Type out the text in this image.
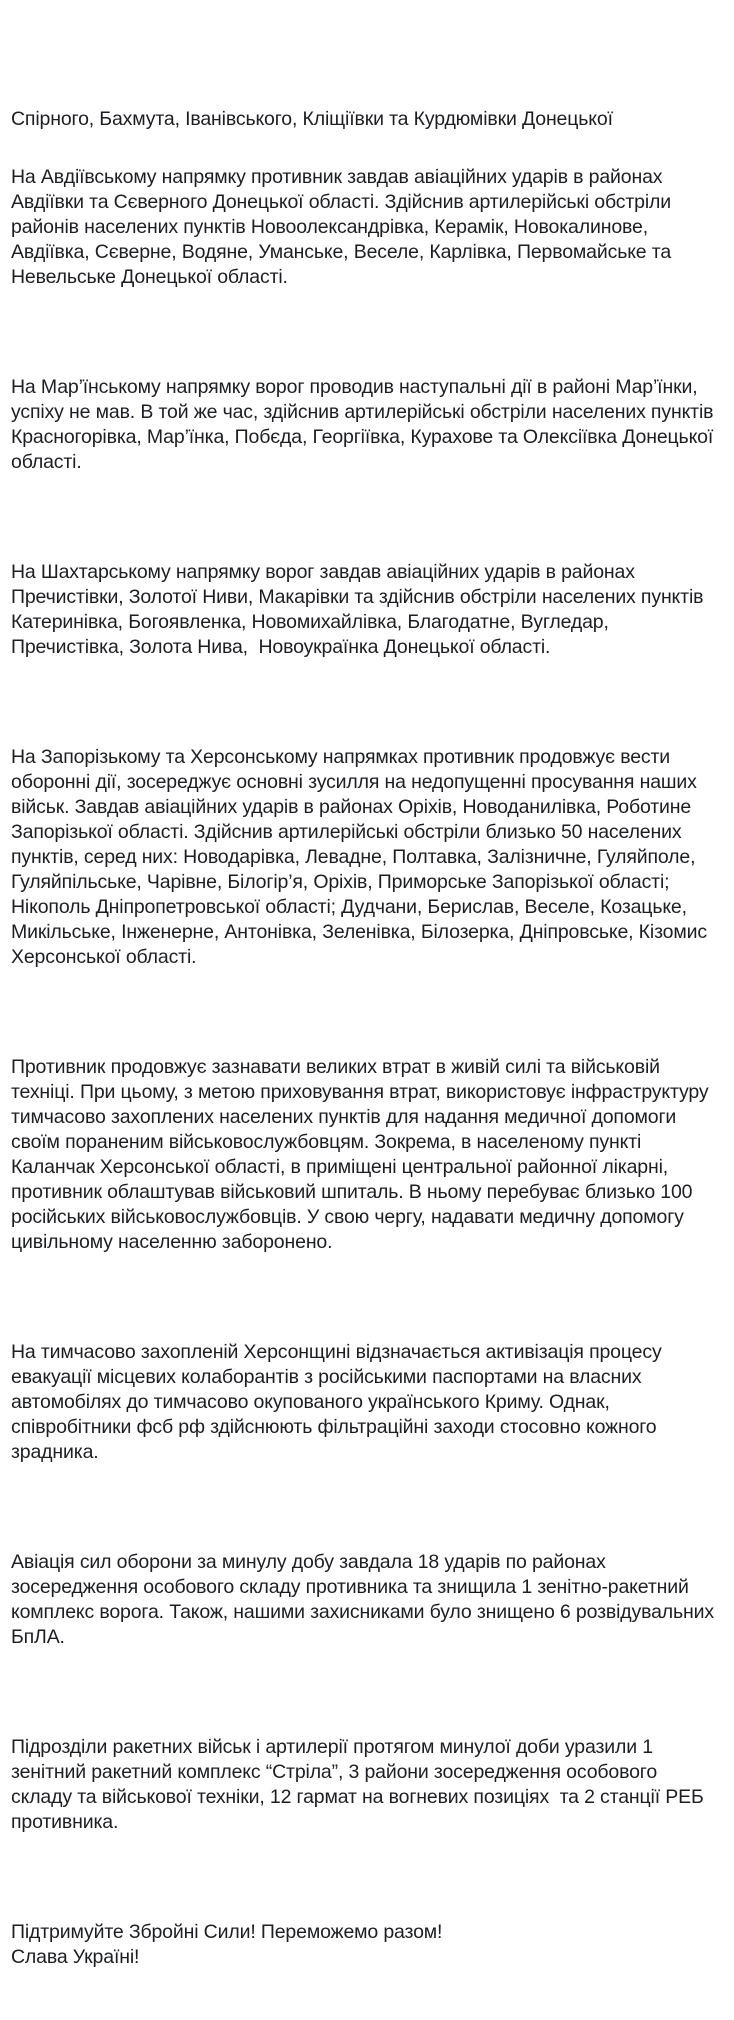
Спірного, Бахмута, Іванівського, Кліщіївки та Курдюмівки Донецької

На Авдіївському напрямку противник завдав авіаційних ударів в районах Авдіївки та Сєверного Донецької області. Здійснив артилерійські обстріли районів населених пунктів Новоолександрівка, Керамік, Новокалинове, Авдіївка, Сєверне, Водяне, Уманське, Веселе, Карлівка, Первомайське та Невельське Донецької області.

На Мар’їнському напрямку ворог проводив наступальні дії в районі Мар’їнки, успіху не мав. В той же час, здійснив артилерійські обстріли населених пунктів Красногорівка, Мар’їнка, Побєда, Георгіївка, Курахове та Олексіївка Донецької області.

На Шахтарському напрямку ворог завдав авіаційних ударів в районах Пречистівки, Золотої Ниви, Макарівки та здійснив обстріли населених пунктів Катеринівка, Богоявленка, Новомихайлівка, Благодатне, Вугледар, Пречистівка, Золота Нива,  Новоукраїнка Донецької області.

На Запорізькому та Херсонському напрямках противник продовжує вести оборонні дії, зосереджує основні зусилля на недопущенні просування наших військ. Завдав авіаційних ударів в районах Оріхів, Новоданилівка, Роботине Запорізької області. Здійснив артилерійські обстріли близько 50 населених пунктів, серед них: Новодарівка, Левадне, Полтавка, Залізничне, Гуляйполе, Гуляйпільське, Чарівне, Білогір’я, Оріхів, Приморське Запорізької області; Нікополь Дніпропетровської області; Дудчани, Берислав, Веселе, Козацьке, Микільське, Інженерне, Антонівка, Зеленівка, Білозерка, Дніпровське, Кізомис Херсонської області.

Противник продовжує зазнавати великих втрат в живій силі та військовій техніці. При цьому, з метою приховування втрат, використовує інфраструктуру тимчасово захоплених населених пунктів для надання медичної допомоги своїм пораненим військовослужбовцям. Зокрема, в населеному пункті Каланчак Херсонської області, в приміщені центральної районної лікарні, противник облаштував військовий шпиталь. В ньому перебуває близько 100 російських військовослужбовців. У свою чергу, надавати медичну допомогу цивільному населенню заборонено.

На тимчасово захопленій Херсонщині відзначається активізація процесу евакуації місцевих колаборантів з російськими паспортами на власних автомобілях до тимчасово окупованого українського Криму. Однак, співробітники фсб рф здійснюють фільтраційні заходи стосовно кожного зрадника.

Авіація сил оборони за минулу добу завдала 18 ударів по районах зосередження особового складу противника та знищила 1 зенітно-ракетний комплекс ворога. Також, нашими захисниками було знищено 6 розвідувальних БпЛА.

Підрозділи ракетних військ і артилерії протягом минулої доби уразили 1 зенітний ракетний комплекс “Стріла”, 3 райони зосередження особового складу та військової техніки, 12 гармат на вогневих позиціях  та 2 станції РЕБ противника.

Підтримуйте Збройні Сили! Переможемо разом!
Слава Україні!
